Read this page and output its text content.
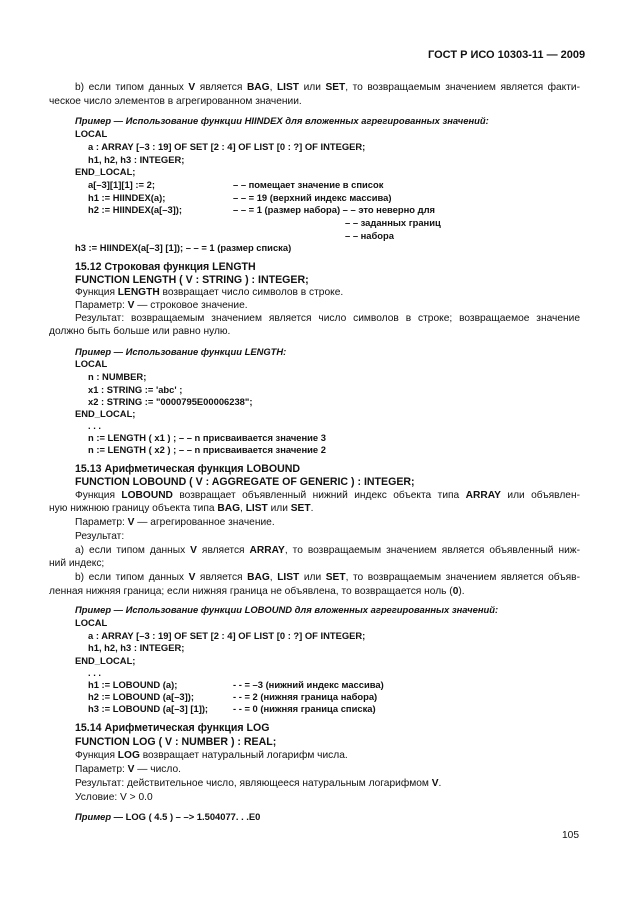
ГОСТ Р ИСО 10303-11 — 2009
b) если типом данных V является BAG, LIST или SET, то возвращаемым значением является факти-
ческое число элементов в агрегированном значении.
Пример — Использование функции HIINDEX для вложенных агрегированных значений:
LOCAL
a : ARRAY [–3 : 19] OF SET [2 : 4] OF LIST [0 : ?] OF INTEGER;
h1, h2, h3 : INTEGER;
END_LOCAL;
a[–3][1][1] := 2;	– – помещает значение в список
h1 := HIINDEX(a);	– – = 19 (верхний индекс массива)
h2 := HIINDEX(a[–3]);	– – = 1 (размер набора) – – это неверно для
– – заданных границ
– – набора
h3 := HIINDEX(a[–3] [1]); – – = 1 (размер списка)
15.12 Строковая функция LENGTH
FUNCTION LENGTH ( V : STRING ) : INTEGER;
Функция LENGTH возвращает число символов в строке.
Параметр: V — строковое значение.
Результат: возвращаемым значением является число символов в строке; возвращаемое значение
должно быть больше или равно нулю.
Пример — Использование функции LENGTH:
LOCAL
n : NUMBER;
x1 : STRING := 'abc' ;
x2 : STRING := "0000795E00006238";
END_LOCAL;
. . .
n := LENGTH ( x1 ) ; – – n присваивается значение 3
n := LENGTH ( x2 ) ; – – n присваивается значение 2
15.13 Арифметическая функция LOBOUND
FUNCTION LOBOUND ( V : AGGREGATE OF GENERIC ) : INTEGER;
Функция LOBOUND возвращает объявленный нижний индекс объекта типа ARRAY или объявлен-
ную нижнюю границу объекта типа BAG, LIST или SET.
Параметр: V — агрегированное значение.
Результат:
a) если типом данных V является ARRAY, то возвращаемым значением является объявленный ниж-
ний индекс;
b) если типом данных V является BAG, LIST или SET, то возвращаемым значением является объяв-
ленная нижняя граница; если нижняя граница не объявлена, то возвращается ноль (0).
Пример — Использование функции LOBOUND для вложенных агрегированных значений:
LOCAL
a : ARRAY [–3 : 19] OF SET [2 : 4] OF LIST [0 : ?] OF INTEGER;
h1, h2, h3 : INTEGER;
END_LOCAL;
. . .
h1 := LOBOUND (a);	- - = –3 (нижний индекс массива)
h2 := LOBOUND (a[–3]);	- - = 2 (нижняя граница набора)
h3 := LOBOUND (a[–3] [1]);	- - = 0 (нижняя граница списка)
15.14 Арифметическая функция LOG
FUNCTION LOG ( V : NUMBER ) : REAL;
Функция LOG возвращает натуральный логарифм числа.
Параметр: V — число.
Результат: действительное число, являющееся натуральным логарифмом V.
Условие: V > 0.0
Пример — LOG ( 4.5 ) – –> 1.504077. . .E0
105
